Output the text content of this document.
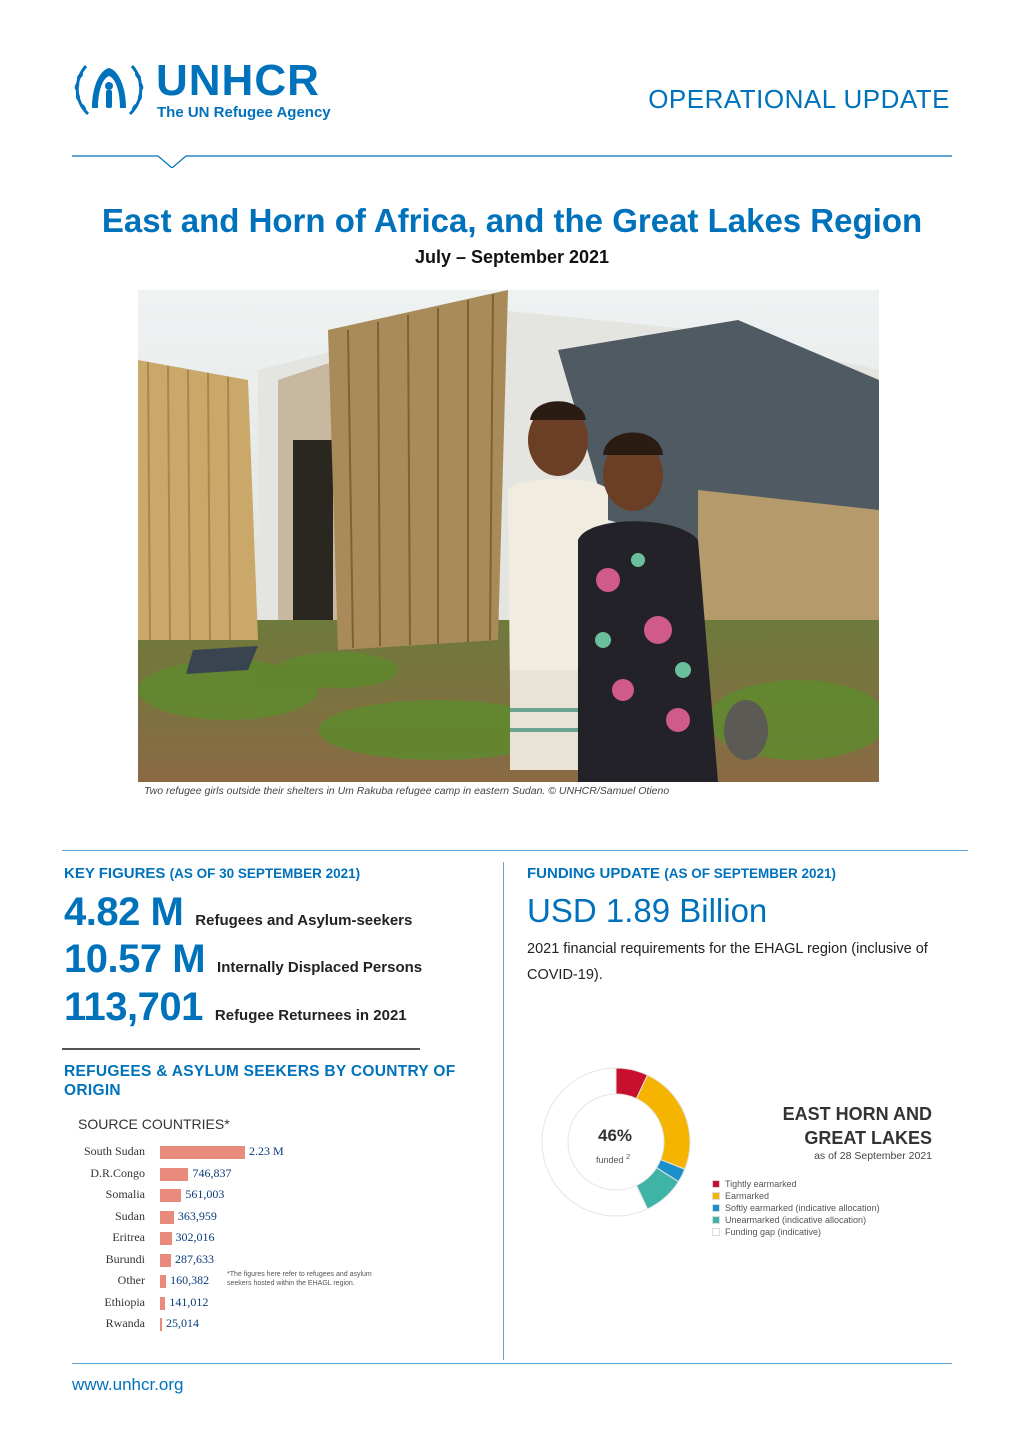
UNHCR
The UN Refugee Agency	OPERATIONAL UPDATE
East and Horn of Africa, and the Great Lakes Region
July – September 2021
Two refugee girls outside their shelters in Um Rakuba refugee camp in eastern Sudan. © UNHCR/Samuel Otieno
KEY FIGURES (AS OF 30 SEPTEMBER 2021)
4.82 M Refugees and Asylum-seekers
10.57 M Internally Displaced Persons
113,701 Refugee Returnees in 2021
REFUGEES & ASYLUM SEEKERS BY COUNTRY OF ORIGIN
SOURCE COUNTRIES*
South Sudan	2.23 M
D.R.Congo	746,837
Somalia	561,003
Sudan	363,959
Eritrea	302,016
Burundi 287,633
Other 160,382
Ethiopia 141,012
Rwanda 25,014
*The figures here refer to refugees and asylum seekers hosted within the EHAGL region.
FUNDING UPDATE (AS OF SEPTEMBER 2021)
USD 1.89 Billion
2021 financial requirements for the EHAGL region (inclusive of COVID-19).
46%
funded $^2$
EAST HORN AND
GREAT LAKES
as of 28 September 2021
Tightly earmarked
Earmarked
Softly earmarked (indicative allocation)
Unearmarked (indicative allocation)
Funding gap (indicative)
www.unhcr.org
